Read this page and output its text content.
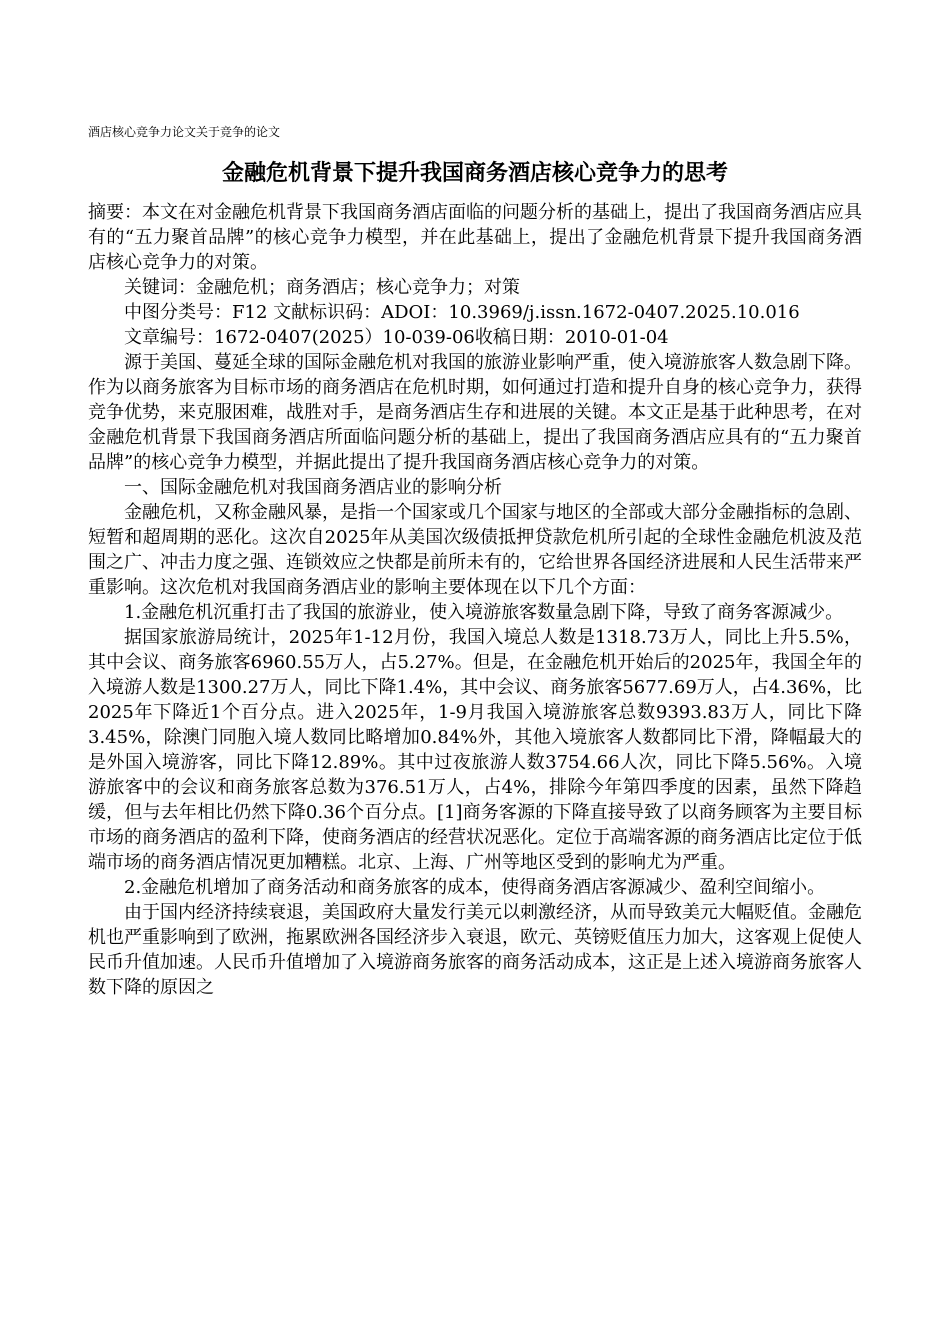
酒店核心竞争力论文关于竞争的论文
金融危机背景下提升我国商务酒店核心竞争力的思考

摘要：本文在对金融危机背景下我国商务酒店面临的问题分析的基础上，提出了我国商务酒店应具有的“五力聚首品牌”的核心竞争力模型，并在此基础上，提出了金融危机背景下提升我国商务酒店核心竞争力的对策。

关键词：金融危机；商务酒店；核心竞争力；对策

中图分类号：F12 文献标识码：ADOI：10.3969/j.issn.1672-0407.2025.10.016

文章编号：1672-0407(2025）10-039-06收稿日期：2010-01-04

源于美国、蔓延全球的国际金融危机对我国的旅游业影响严重，使入境游旅客人数急剧下降。作为以商务旅客为目标市场的商务酒店在危机时期，如何通过打造和提升自身的核心竞争力，获得竞争优势，来克服困难，战胜对手，是商务酒店生存和进展的关键。本文正是基于此种思考，在对金融危机背景下我国商务酒店所面临问题分析的基础上，提出了我国商务酒店应具有的“五力聚首品牌”的核心竞争力模型，并据此提出了提升我国商务酒店核心竞争力的对策。

一、国际金融危机对我国商务酒店业的影响分析

金融危机，又称金融风暴，是指一个国家或几个国家与地区的全部或大部分金融指标的急剧、短暂和超周期的恶化。这次自2025年从美国次级债抵押贷款危机所引起的全球性金融危机波及范围之广、冲击力度之强、连锁效应之快都是前所未有的，它给世界各国经济进展和人民生活带来严重影响。这次危机对我国商务酒店业的影响主要体现在以下几个方面：

1.金融危机沉重打击了我国的旅游业，使入境游旅客数量急剧下降，导致了商务客源减少。

据国家旅游局统计，2025年1-12月份，我国入境总人数是1318.73万人，同比上升5.5%，其中会议、商务旅客6960.55万人，占5.27%。但是，在金融危机开始后的2025年，我国全年的入境游人数是1300.27万人，同比下降1.4%，其中会议、商务旅客5677.69万人，占4.36%，比2025年下降近1个百分点。进入2025年，1-9月我国入境游旅客总数9393.83万人，同比下降3.45%，除澳门同胞入境人数同比略增加0.84%外，其他入境旅客人数都同比下滑，降幅最大的是外国入境游客，同比下降12.89%。其中过夜旅游人数3754.66人次，同比下降5.56%。入境游旅客中的会议和商务旅客总数为376.51万人，占4%，排除今年第四季度的因素，虽然下降趋缓，但与去年相比仍然下降0.36个百分点。[1]商务客源的下降直接导致了以商务顾客为主要目标市场的商务酒店的盈利下降，使商务酒店的经营状况恶化。定位于高端客源的商务酒店比定位于低端市场的商务酒店情况更加糟糕。北京、上海、广州等地区受到的影响尤为严重。

2.金融危机增加了商务活动和商务旅客的成本，使得商务酒店客源减少、盈利空间缩小。

由于国内经济持续衰退，美国政府大量发行美元以刺激经济，从而导致美元大幅贬值。金融危机也严重影响到了欧洲，拖累欧洲各国经济步入衰退，欧元、英镑贬值压力加大，这客观上促使人民币升值加速。人民币升值增加了入境游商务旅客的商务活动成本，这正是上述入境游商务旅客人数下降的原因之
